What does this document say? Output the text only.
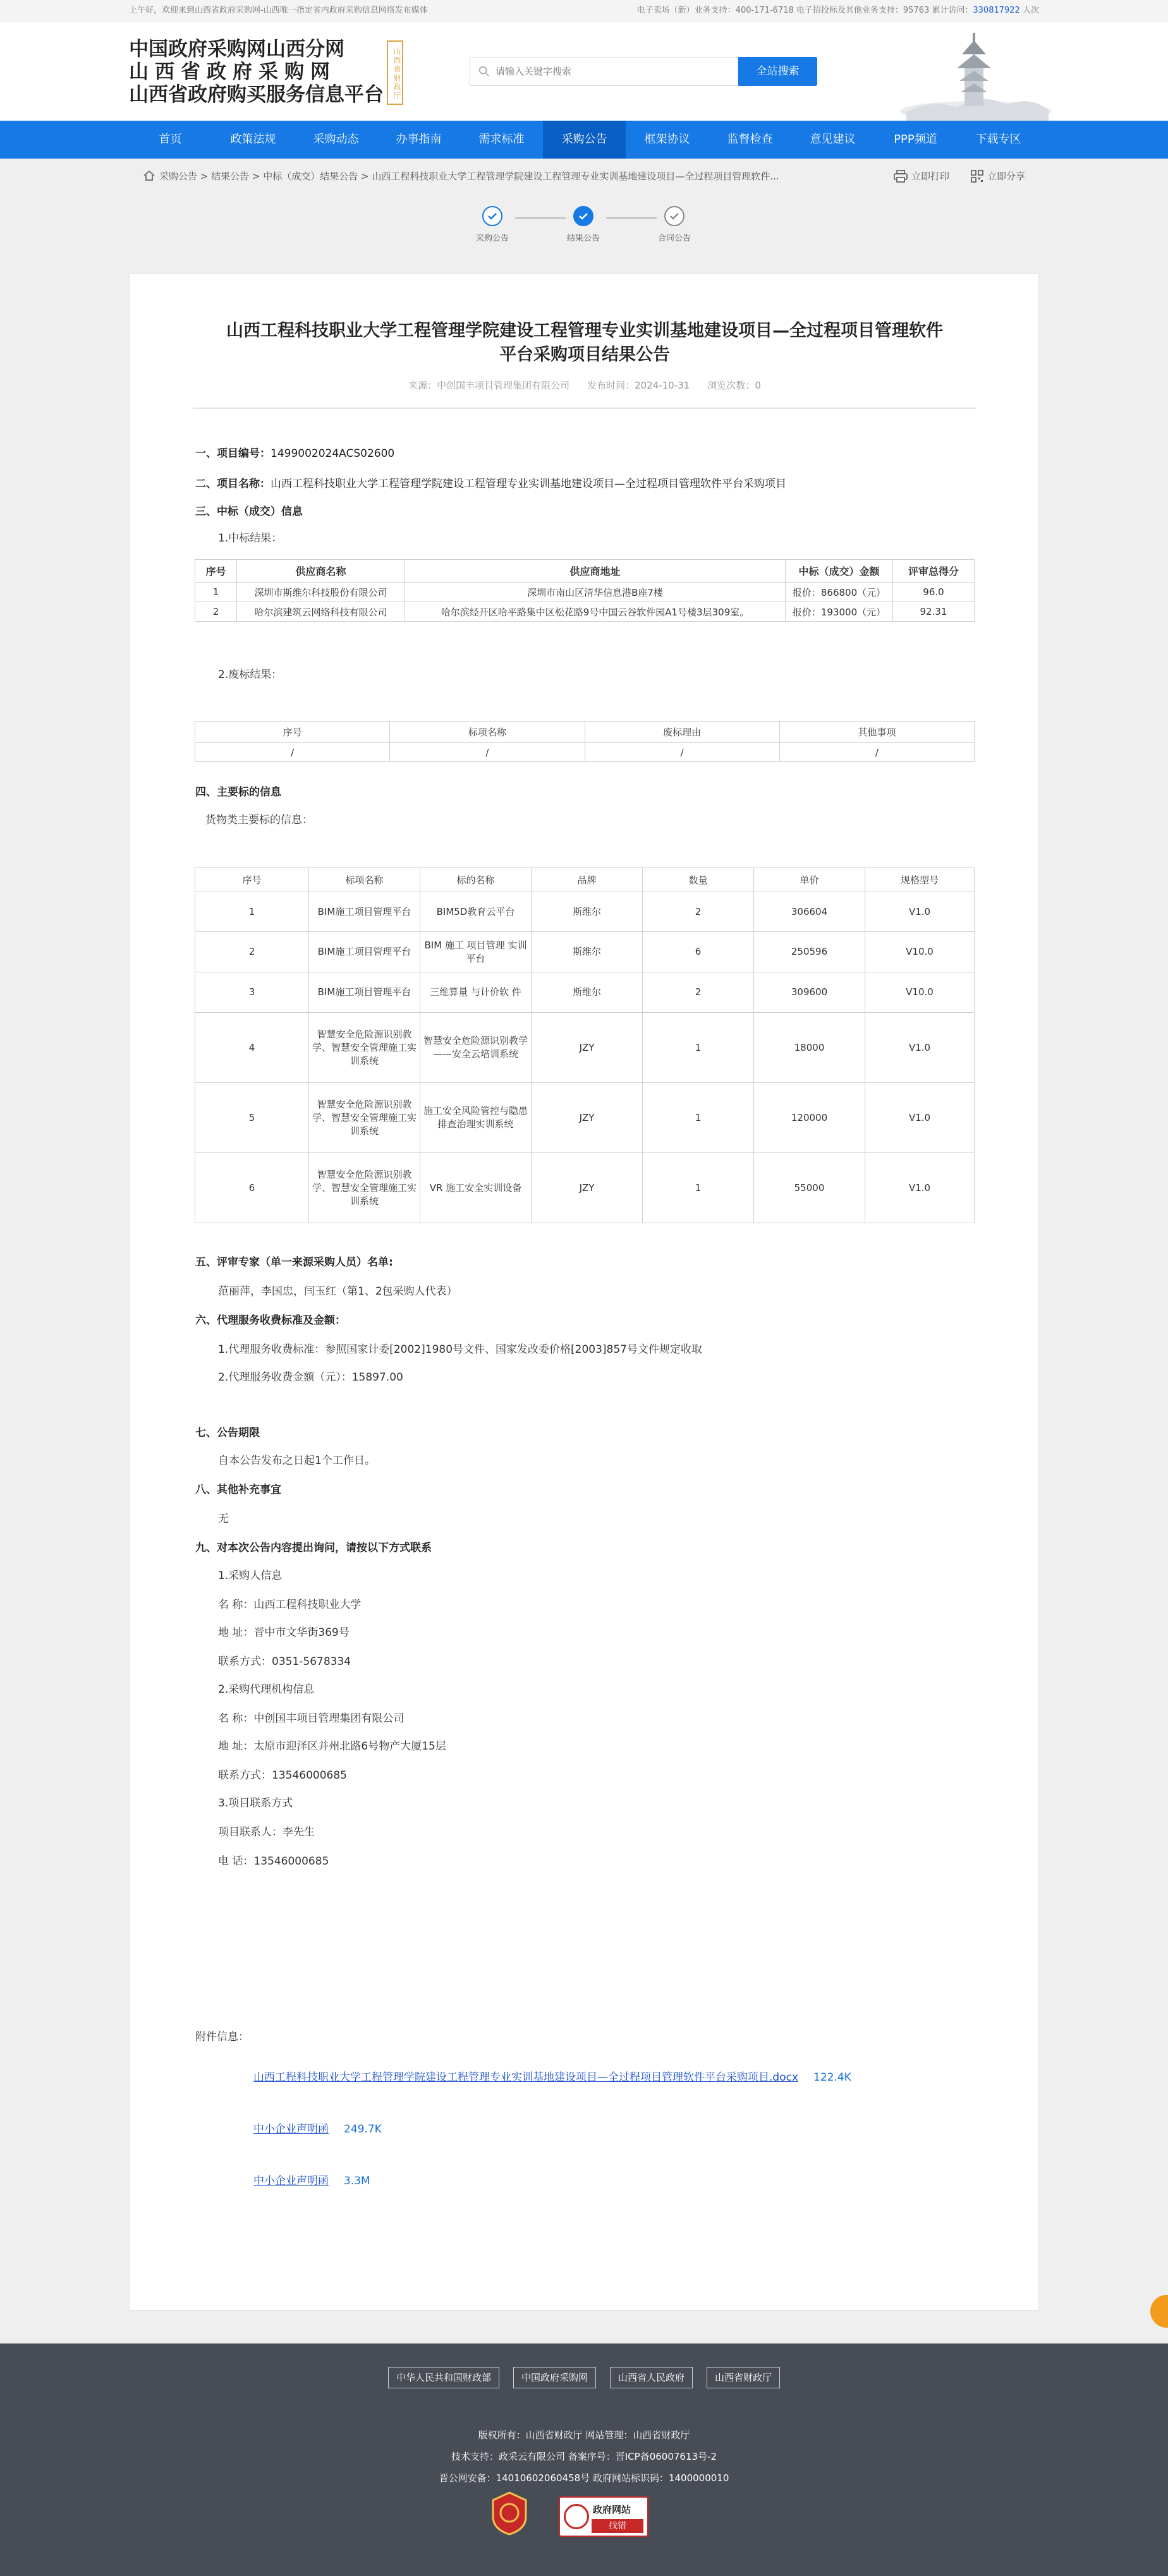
上午好，欢迎来到山西省政府采购网-山西唯一指定省内政府采购信息网络发布媒体	电子卖场（新）业务支持：400-171-6718 电子招投标及其他业务支持：95763 累计访问：330817922 人次
中国政府采购网山西分网
山西省政府采购网
山西省政府购买服务信息平台	山西省财政厅
请输入关键字搜索	全站搜索
首页	政策法规	采购动态	办事指南	需求标准	采购公告	框架协议	监督检查	意见建议	PPP频道	下载专区
采购公告 > 结果公告 > 中标（成交）结果公告 > 山西工程科技职业大学工程管理学院建设工程管理专业实训基地建设项目—全过程项目管理软件...	立即打印	立即分享
采购公告	结果公告	合同公告
山西工程科技职业大学工程管理学院建设工程管理专业实训基地建设项目—全过程项目管理软件
平台采购项目结果公告
来源：中创国丰项目管理集团有限公司 发布时间：2024-10-31 浏览次数：0
一、项目编号：1499002024ACS02600
二、项目名称：山西工程科技职业大学工程管理学院建设工程管理专业实训基地建设项目—全过程项目管理软件平台采购项目
三、中标（成交）信息
1.中标结果：
序号	供应商名称	供应商地址	中标（成交）金额	评审总得分
1	深圳市斯维尔科技股份有限公司	深圳市南山区清华信息港B座7楼	报价：866800（元）	96.0
2	哈尔滨建筑云网络科技有限公司	哈尔滨经开区哈平路集中区松花路9号中国云谷软件园A1号楼3层309室。	报价：193000（元）	92.31
2.废标结果：
序号	标项名称	废标理由	其他事项
/	/	/	/
四、主要标的信息
货物类主要标的信息：
序号	标项名称	标的名称	品牌	数量	单价	规格型号
1	BIM施工项目管理平台	BIM5D教育云平台	斯维尔	2	306604	V1.0
2	BIM施工项目管理平台	BIM 施工 项目管理 实训平台	斯维尔	6	250596	V10.0
3	BIM施工项目管理平台	三维算量 与计价软 件	斯维尔	2	309600	V10.0
4	智慧安全危险源识别教学、智慧安全管理施工实训系统	智慧安全危险源识别教学——安全云培训系统	JZY	1	18000	V1.0
5	智慧安全危险源识别教学、智慧安全管理施工实训系统	施工安全风险管控与隐患排查治理实训系统	JZY	1	120000	V1.0
6	智慧安全危险源识别教学、智慧安全管理施工实训系统	VR 施工安全实训设备	JZY	1	55000	V1.0
五、评审专家（单一来源采购人员）名单:
范丽萍，李国忠，闫玉红（第1、2包采购人代表）
六、代理服务收费标准及金额：
1.代理服务收费标准：参照国家计委[2002]1980号文件、国家发改委价格[2003]857号文件规定收取
2.代理服务收费金额（元）：15897.00
七、公告期限
自本公告发布之日起1个工作日。
八、其他补充事宜
无
九、对本次公告内容提出询问，请按以下方式联系
1.采购人信息
名 称：山西工程科技职业大学
地 址：晋中市文华街369号
联系方式：0351-5678334
2.采购代理机构信息
名 称：中创国丰项目管理集团有限公司
地 址：太原市迎泽区并州北路6号物产大厦15层
联系方式：13546000685
3.项目联系方式
项目联系人：李先生
电 话：13546000685
附件信息：
山西工程科技职业大学工程管理学院建设工程管理专业实训基地建设项目—全过程项目管理软件平台采购项目.docx 122.4K
中小企业声明函 249.7K
中小企业声明函 3.3M
中华人民共和国财政部	中国政府采购网	山西省人民政府	山西省财政厅
版权所有：山西省财政厅 网站管理：山西省财政厅
技术支持：政采云有限公司 备案序号：晋ICP备06007613号-2
晋公网安备：14010602060458号 政府网站标识码：1400000010
政府网站
找错
